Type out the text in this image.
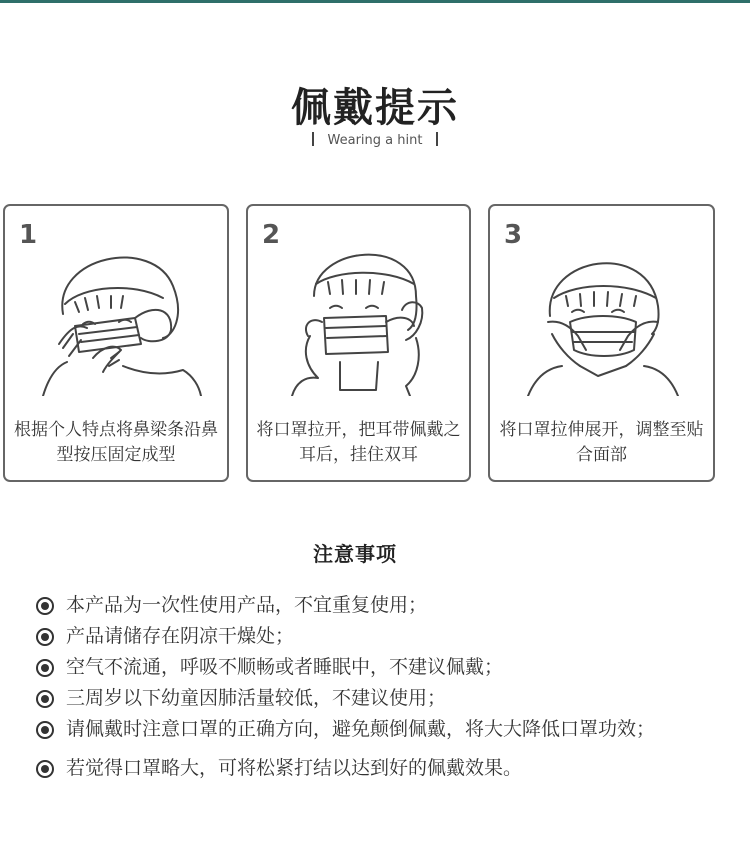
佩戴提示
Wearing a hint
1
根据个人特点将鼻梁条沿鼻型按压固定成型
2
将口罩拉开，把耳带佩戴之耳后，挂住双耳
3
将口罩拉伸展开，调整至贴合面部
注意事项
本产品为一次性使用产品，不宜重复使用；
产品请储存在阴凉干燥处；
空气不流通，呼吸不顺畅或者睡眠中，不建议佩戴；
三周岁以下幼童因肺活量较低，不建议使用；
请佩戴时注意口罩的正确方向，避免颠倒佩戴，将大大降低口罩功效；
若觉得口罩略大，可将松紧打结以达到好的佩戴效果。
